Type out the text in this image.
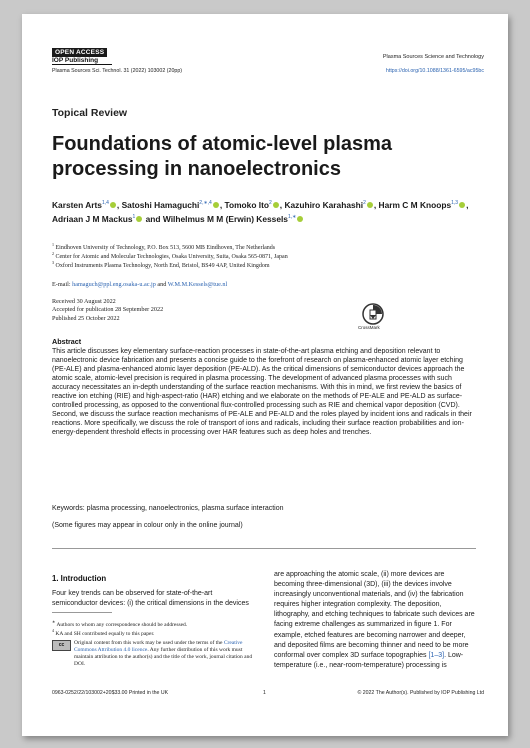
OPEN ACCESS
IOP Publishing	Plasma Sources Science and Technology
Plasma Sources Sci. Technol. 31 (2022) 103002 (20pp)	https://doi.org/10.1088/1361-6595/ac95bc
Topical Review
Foundations of atomic-level plasma processing in nanoelectronics
Karsten Arts$^{1,4}$ , Satoshi Hamaguchi$^{2,∗,4}$ , Tomoko Ito$^2$ , Kazuhiro Karahashi$^2$ , Harm C M Knoops$^{1,3}$ , Adriaan J M Mackus$^1$ and Wilhelmus M M (Erwin) Kessels$^{1,∗}$
$^1$ Eindhoven University of Technology, P.O. Box 513, 5600 MB Eindhoven, The Netherlands
$^2$ Center for Atomic and Molecular Technologies, Osaka University, Suita, Osaka 565-0871, Japan
$^3$ Oxford Instruments Plasma Technology, North End, Bristol, BS49 4AP, United Kingdom
E-mail: hamaguch@ppl.eng.osaka-u.ac.jp and W.M.M.Kessels@tue.nl
Received 30 August 2022
Accepted for publication 28 September 2022
Published 25 October 2022
CrossMark
Abstract
This article discusses key elementary surface-reaction processes in state-of-the-art plasma etching and deposition relevant to nanoelectronic device fabrication and presents a concise guide to the forefront of research on plasma-enhanced atomic layer etching (PE-ALE) and plasma-enhanced atomic layer deposition (PE-ALD). As the critical dimensions of semiconductor devices approach the atomic scale, atomic-level precision is required in plasma processing. The development of advanced plasma processes with such accuracy necessitates an in-depth understanding of the surface reaction mechanisms. With this in mind, we first review the basics of reactive ion etching (RIE) and high-aspect-ratio (HAR) etching and we elaborate on the methods of PE-ALE and PE-ALD as surface-controlled processing, as opposed to the conventional flux-controlled processing such as RIE and chemical vapor deposition (CVD). Second, we discuss the surface reaction mechanisms of PE-ALE and PE-ALD and the roles played by incident ions and radicals in their reactions. More specifically, we discuss the role of transport of ions and radicals, including their surface reaction probabilities and ion-energy-dependent threshold effects in processing over HAR features such as deep holes and trenches.
Keywords: plasma processing, nanoelectronics, plasma surface interaction
(Some figures may appear in colour only in the online journal)
1. Introduction
Four key trends can be observed for state-of-the-art semiconductor devices: (i) the critical dimensions in the devices
are approaching the atomic scale, (ii) more devices are becoming three-dimensional (3D), (iii) the devices involve increasingly unconventional materials, and (iv) the fabrication requires higher integration complexity. The deposition, lithography, and etching techniques to fabricate such devices are facing extreme challenges as summarized in figure 1. For example, etched features are becoming narrower and deeper, and deposited films are becoming thinner and need to be more conformal over complex 3D surface topographies [1–3]. Low-temperature (i.e., near-room-temperature) processing is
∗ Authors to whom any correspondence should be addressed.
$^4$ KA and SH contributed equally to this paper.
cc	Original content from this work may be used under the terms of the Creative Commons Attribution 4.0 licence. Any further distribution of this work must maintain attribution to the author(s) and the title of the work, journal citation and DOI.
0963-0252/22/103002+20$33.00 Printed in the UK	1	© 2022 The Author(s). Published by IOP Publishing Ltd
